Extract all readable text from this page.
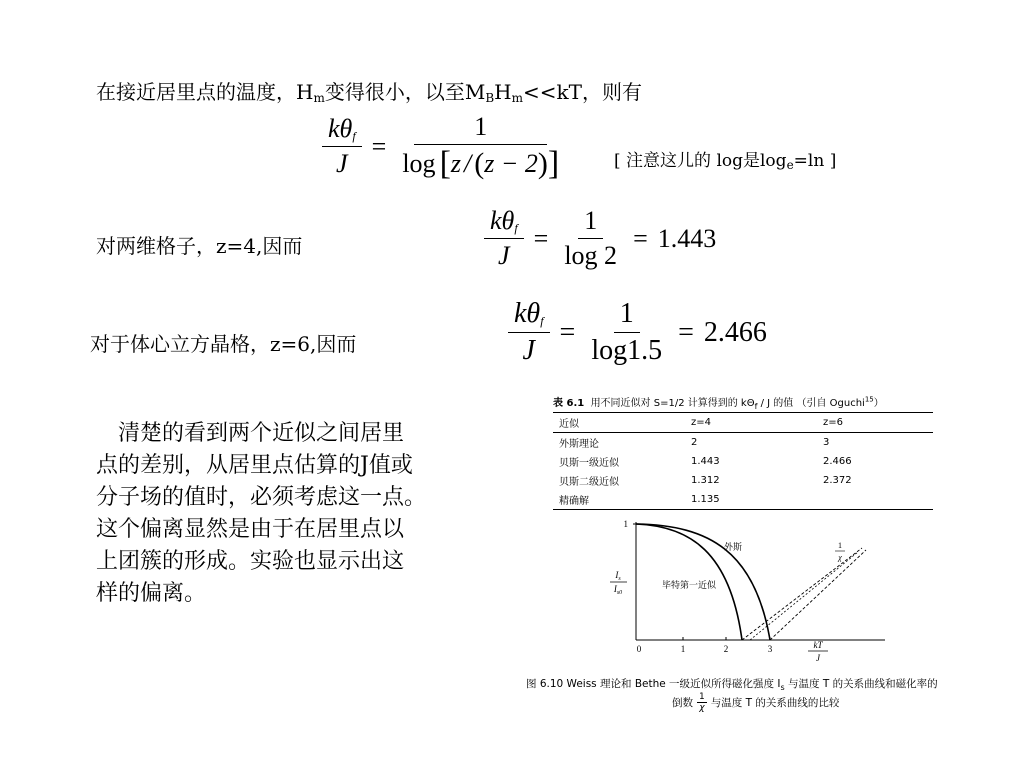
在接近居里点的温度，$H_m$变得很小，以至$M_BH_m<<kT$，则有
$\frac{k\theta_f}{J}$ =
1
log [ z / ( z − 2 ) ]	[ 注意这儿的 log是$\log_e=\ln$ ]
对两维格子，z=4,因而	$\frac{k\theta_f}{J} = \frac{1}{\log 2} = 1.443$
对于体心立方晶格，z=6,因而	$\frac{k\theta_f}{J} = \frac{1}{\log 1.5} = 2.466$
　清楚的看到两个近似之间居里
点的差别，从居里点估算的J值或
分子场的值时，必须考虑这一点。
这个偏离显然是由于在居里点以
上团簇的形成。实验也显示出这
样的偏离。
表 6.1 用不同近似对 S=1/2 计算得到的 $k\Theta_f$ / J 的值 （引自 Oguchi$^{15}$）
近似	z=4	z=6
外斯理论	2	3
贝斯一级近似	1.443	2.466
贝斯二级近似	1.312	2.372
精确解	1.135	
1
$I_s$
$I_{s0}$
0	1	2	3	kT
J
外斯
毕特第一近似
1
χ
图 6.10 Weiss 理论和 Bethe 一级近似所得磁化强度 $I_s$ 与温度 T 的关系曲线和磁化率的
倒数 $\frac{1}{\chi}$ 与温度 T 的关系曲线的比较
